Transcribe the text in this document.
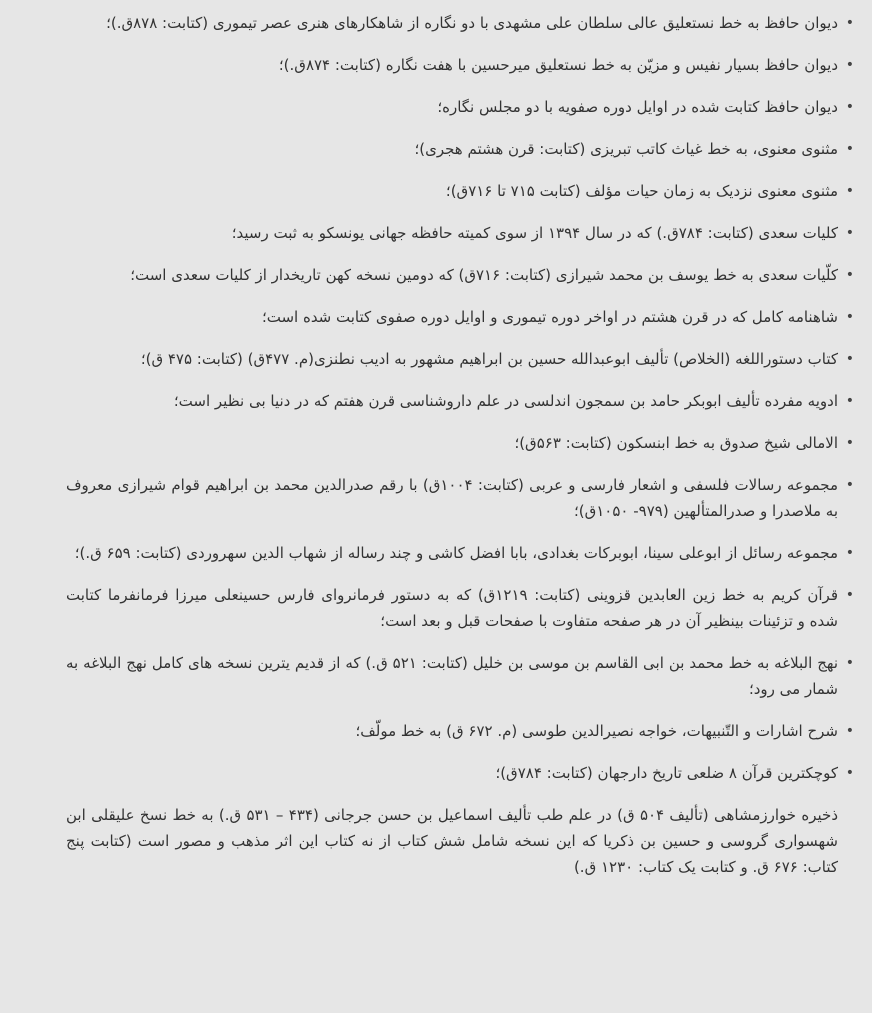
•
دیوان حافظ به خط نستعلیق عالی سلطان علی مشهدی با دو نگاره از شاهکارهای هنری عصر تیموری (کتابت: ۸۷۸ق.)؛
•
دیوان حافظ بسیار نفیس و مزیّن به خط نستعلیق میرحسین با هفت نگاره (کتابت: ۸۷۴ق.)؛
•
دیوان حافظ کتابت شده در اوایل دوره صفویه با دو مجلس نگاره؛
•
مثنوی معنوی، به خط غیاث کاتب تبریزی (کتابت: قرن هشتم هجری)؛
•
مثنوی معنوی نزدیک به زمان حیات مؤلف (کتابت ۷۱۵ تا ۷۱۶ق)؛
•
کلیات سعدی (کتابت: ۷۸۴ق.) که در سال ۱۳۹۴ از سوی کمیته حافظه جهانی یونسکو به ثبت رسید؛
•
کلّیات سعدی به خط یوسف بن محمد شیرازی (کتابت: ۷۱۶ق) که دومین نسخه کهن تاریخدار از کلیات سعدی است؛
•
شاهنامه کامل که در قرن هشتم در اواخر دوره تیموری و اوایل دوره صفوی کتابت شده است؛
•
کتاب دستوراللغه (الخلاص) تألیف ابوعبدالله حسین بن ابراهیم مشهور به ادیب نطنزی(م. ۴۷۷ق) (کتابت: ۴۷۵ ق)؛
•
ادویه مفرده تألیف ابوبکر حامد بن سمجون اندلسی در علم داروشناسی قرن هفتم که در دنیا بی نظیر است؛
•
الامالی شیخ صدوق به خط ابنسکون (کتابت: ۵۶۳ق)؛
•
مجموعه رسالات فلسفی و اشعار فارسی و عربی (کتابت: ۱۰۰۴ق) با رقم صدرالدین محمد بن ابراهیم قوام شیرازی معروف به ملاصدرا و صدرالمتألهین (۹۷۹- ۱۰۵۰ق)؛
•
مجموعه رسائل از ابوعلی سینا، ابوبرکات بغدادی، بابا افضل کاشی و چند رساله از شهاب الدین سهروردی (کتابت: ۶۵۹ ق.)؛
•
قرآن کریم به خط زین العابدین قزوینی (کتابت: ۱۲۱۹ق) که به دستور فرمانروای فارس حسینعلی میرزا فرمانفرما کتابت شده و تزئینات بینظیر آن در هر صفحه متفاوت با صفحات قبل و بعد است؛
•
نهج البلاغه به خط محمد بن ابی القاسم بن موسی بن خلیل (کتابت: ۵۲۱ ق.) که از قدیم یترین نسخه های کامل نهج البلاغه به شمار می رود؛
•
شرح اشارات و التّنبیهات، خواجه نصیرالدین طوسی (م. ۶۷۲ ق) به خط مولّف؛
•
کوچکترین قرآن ۸ ضلعی تاریخ دارجهان (کتابت: ۷۸۴ق)؛

ذخیره خوارزمشاهی (تألیف ۵۰۴ ق) در علم طب تألیف اسماعیل بن حسن جرجانی (۴۳۴ – ۵۳۱ ق.) به خط نسخ علیقلی ابن شهسواری گروسی و حسین بن ذکریا که این نسخه شامل شش کتاب از نه کتاب این اثر مذهب و مصور است (کتابت پنج کتاب: ۶۷۶ ق. و کتابت یک کتاب: ۱۲۳۰ ق.)
